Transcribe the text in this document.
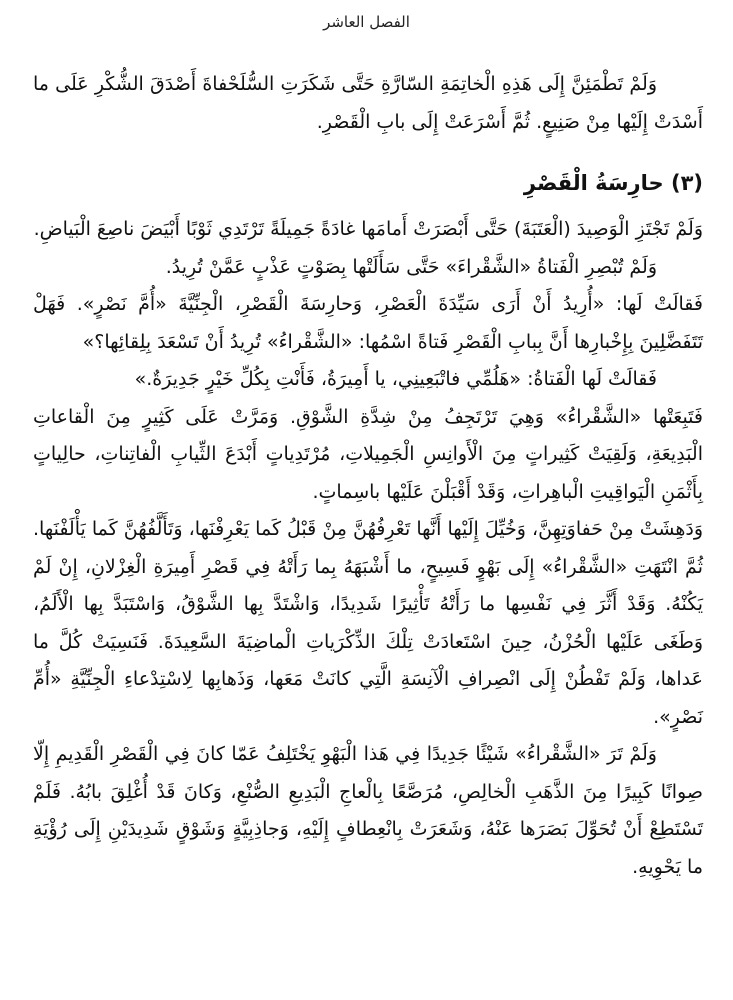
الفصل العاشر

وَلَمْ تَطْمَئِنَّ إِلَى هَذِهِ الْخاتِمَةِ السّارَّةِ حَتَّى شَكَرَتِ السُّلَحْفاةَ أَصْدَقَ الشُّكْرِ عَلَى ما أَسْدَتْ إِلَيْها مِنْ صَنِيعٍ. ثُمَّ أَسْرَعَتْ إِلَى بابِ الْقَصْرِ.

(٣) حارِسَةُ الْقَصْرِ

وَلَمْ تَجْتَزِ الْوَصِيدَ (الْعَتَبَةَ) حَتَّى أَبْصَرَتْ أَمامَها غادَةً جَمِيلَةً تَرْتَدِي ثَوْبًا أَبْيَضَ ناصِعَ الْبَياضِ.

وَلَمْ تُبْصِرِ الْفَتاةُ «الشَّقْراءَ» حَتَّى سَأَلَتْها بِصَوْتٍ عَذْبٍ عَمَّنْ تُرِيدُ.

فَقالَتْ لَها: «أُرِيدُ أَنْ أَرَى سَيِّدَةَ الْعَصْرِ، وَحارِسَةَ الْقَصْرِ، الْجِنِّيَّةَ «أُمَّ نَصْرٍ». فَهَلْ تَتَفَضَّلِينَ بِإِخْبارِها أَنَّ بِبابِ الْقَصْرِ فَتاةً اسْمُها: «الشَّقْراءُ» تُرِيدُ أَنْ تَسْعَدَ بِلِقائِها؟»

فَقالَتْ لَها الْفَتاةُ: «هَلُمِّي فاتْبَعِينِي، يا أَمِيرَةُ، فَأَنْتِ بِكُلِّ خَيْرٍ جَدِيرَةٌ.»

فَتَبِعَتْها «الشَّقْراءُ» وَهِيَ تَرْتَجِفُ مِنْ شِدَّةِ الشَّوْقِ. وَمَرَّتْ عَلَى كَثِيرٍ مِنَ الْقاعاتِ الْبَدِيعَةِ، وَلَقِيَتْ كَثِيراتٍ مِنَ الْأَوانِسِ الْجَمِيلاتِ، مُرْتَدِياتٍ أَبْدَعَ الثِّيابِ الْفاتِناتِ، حالِياتٍ بِأَثْمَنِ الْيَواقِيتِ الْباهِراتِ، وَقَدْ أَقْبَلْنَ عَلَيْها باسِماتٍ.

وَدَهِشَتْ مِنْ حَفاوَتِهِنَّ، وَخُيِّلَ إِلَيْها أَنَّها تَعْرِفُهُنَّ مِنْ قَبْلُ كَما يَعْرِفْنَها، وَتَأَلَّفُهُنَّ كَما يَأْلَفْنَها. ثُمَّ انْتَهَتِ «الشَّقْراءُ» إِلَى بَهْوٍ فَسِيحٍ، ما أَشْبَهَهُ بِما رَأَتْهُ فِي قَصْرِ أَمِيرَةِ الْغِزْلانِ، إِنْ لَمْ يَكُنْهُ. وَقَدْ أَثَّرَ فِي نَفْسِها ما رَأَتْهُ تَأْثِيرًا شَدِيدًا، وَاشْتَدَّ بِها الشَّوْقُ، وَاسْتَبَدَّ بِها الْأَلَمُ، وَطَغَى عَلَيْها الْحُزْنُ، حِينَ اسْتَعادَتْ تِلْكَ الذِّكْرَياتِ الْماضِيَةَ السَّعِيدَةَ. فَنَسِيَتْ كُلَّ ما عَداها، وَلَمْ تَفْطُنْ إِلَى انْصِرافِ الْآنِسَةِ الَّتِي كانَتْ مَعَها، وَذَهابِها لِاسْتِدْعاءِ الْجِنِّيَّةِ «أُمِّ نَصْرٍ».

وَلَمْ تَرَ «الشَّقْراءُ» شَيْئًا جَدِيدًا فِي هَذا الْبَهْوِ يَخْتَلِفُ عَمّا كانَ فِي الْقَصْرِ الْقَدِيمِ إِلّا صِوانًا كَبِيرًا مِنَ الذَّهَبِ الْخالِصِ، مُرَصَّعًا بِالْعاجِ الْبَدِيعِ الصُّنْعِ، وَكانَ قَدْ أُغْلِقَ بابُهُ. فَلَمْ تَسْتَطِعْ أَنْ تُحَوِّلَ بَصَرَها عَنْهُ، وَشَعَرَتْ بِانْعِطافٍ إِلَيْهِ، وَجاذِبِيَّةٍ وَشَوْقٍ شَدِيدَيْنِ إِلَى رُؤْيَةِ ما يَحْوِيهِ.
